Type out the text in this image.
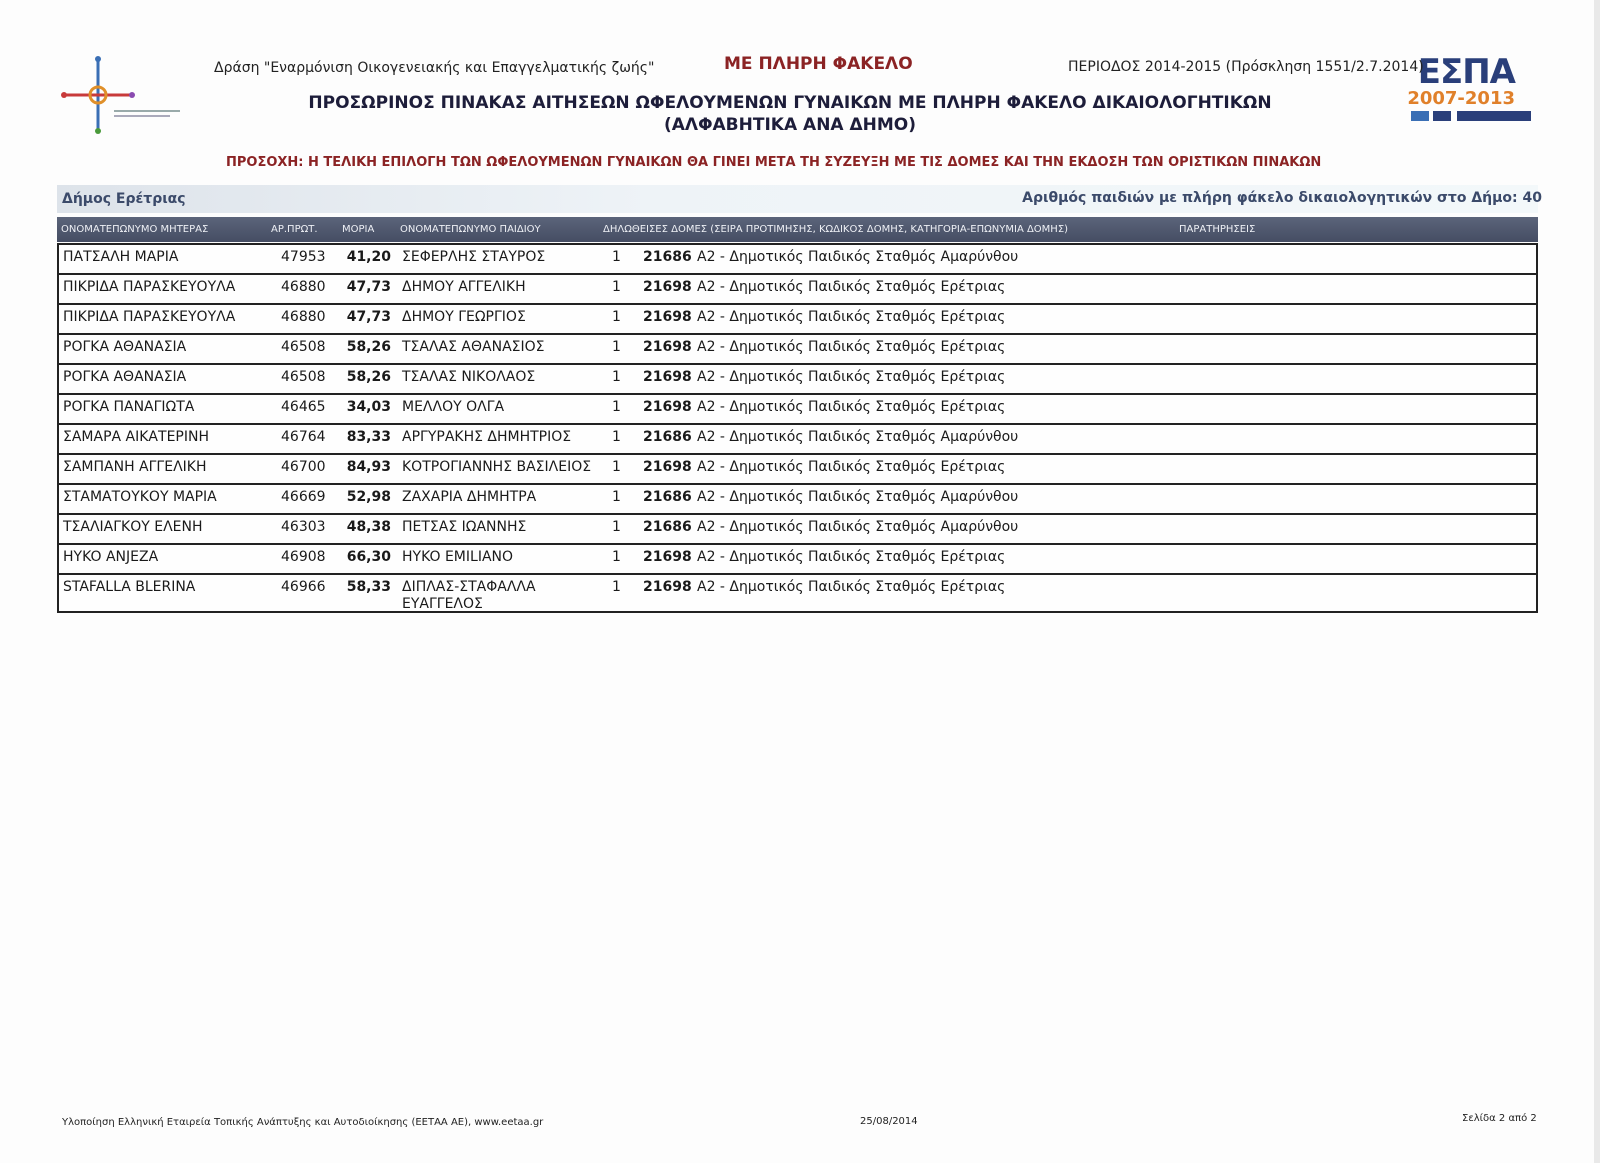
ΕΣΠΑ
2007-2013
Δράση "Εναρμόνιση Οικογενειακής και Επαγγελματικής ζωής"	ΜΕ ΠΛΗΡΗ ΦΑΚΕΛΟ	ΠΕΡΙΟΔΟΣ 2014-2015 (Πρόσκληση 1551/2.7.2014)
ΠΡΟΣΩΡΙΝΟΣ ΠΙΝΑΚΑΣ ΑΙΤΗΣΕΩΝ ΩΦΕΛΟΥΜΕΝΩΝ ΓΥΝΑΙΚΩΝ ΜΕ ΠΛΗΡΗ ΦΑΚΕΛΟ ΔΙΚΑΙΟΛΟΓΗΤΙΚΩΝ
(ΑΛΦΑΒΗΤΙΚΑ ΑΝΑ ΔΗΜΟ)
ΠΡΟΣΟΧΗ: Η ΤΕΛΙΚΗ ΕΠΙΛΟΓΗ ΤΩΝ ΩΦΕΛΟΥΜΕΝΩΝ ΓΥΝΑΙΚΩΝ ΘΑ ΓΙΝΕΙ ΜΕΤΑ ΤΗ ΣΥΖΕΥΞΗ ΜΕ ΤΙΣ ΔΟΜΕΣ ΚΑΙ ΤΗΝ ΕΚΔΟΣΗ ΤΩΝ ΟΡΙΣΤΙΚΩΝ ΠΙΝΑΚΩΝ
Δήμος Ερέτριας	Αριθμός παιδιών με πλήρη φάκελο δικαιολογητικών στο Δήμο: 40
ΟΝΟΜΑΤΕΠΩΝΥΜΟ ΜΗΤΕΡΑΣ	ΑΡ.ΠΡΩΤ. ΜΟΡΙΑ	ΟΝΟΜΑΤΕΠΩΝΥΜΟ ΠΑΙΔΙΟΥ	ΔΗΛΩΘΕΙΣΕΣ ΔΟΜΕΣ (ΣΕΙΡΑ ΠΡΟΤΙΜΗΣΗΣ, ΚΩΔΙΚΟΣ ΔΟΜΗΣ, ΚΑΤΗΓΟΡΙΑ-ΕΠΩΝΥΜΙΑ ΔΟΜΗΣ)	ΠΑΡΑΤΗΡΗΣΕΙΣ
ΠΑΤΣΑΛΗ ΜΑΡΙΑ	47953 41,20 ΣΕΦΕΡΛΗΣ ΣΤΑΥΡΟΣ	1 21686 Α2 - Δημοτικός Παιδικός Σταθμός Αμαρύνθου
ΠΙΚΡΙΔΑ ΠΑΡΑΣΚΕΥΟΥΛΑ	46880 47,73 ΔΗΜΟΥ ΑΓΓΕΛΙΚΗ	1 21698 Α2 - Δημοτικός Παιδικός Σταθμός Ερέτριας
ΠΙΚΡΙΔΑ ΠΑΡΑΣΚΕΥΟΥΛΑ	46880 47,73 ΔΗΜΟΥ ΓΕΩΡΓΙΟΣ	1 21698 Α2 - Δημοτικός Παιδικός Σταθμός Ερέτριας
ΡΟΓΚΑ ΑΘΑΝΑΣΙΑ	46508 58,26 ΤΣΑΛΑΣ ΑΘΑΝΑΣΙΟΣ	1 21698 Α2 - Δημοτικός Παιδικός Σταθμός Ερέτριας
ΡΟΓΚΑ ΑΘΑΝΑΣΙΑ	46508 58,26 ΤΣΑΛΑΣ ΝΙΚΟΛΑΟΣ	1 21698 Α2 - Δημοτικός Παιδικός Σταθμός Ερέτριας
ΡΟΓΚΑ ΠΑΝΑΓΙΩΤΑ	46465 34,03 ΜΕΛΛΟΥ ΟΛΓΑ	1 21698 Α2 - Δημοτικός Παιδικός Σταθμός Ερέτριας
ΣΑΜΑΡΑ ΑΙΚΑΤΕΡΙΝΗ	46764 83,33 ΑΡΓΥΡΑΚΗΣ ΔΗΜΗΤΡΙΟΣ	1 21686 Α2 - Δημοτικός Παιδικός Σταθμός Αμαρύνθου
ΣΑΜΠΑΝΗ ΑΓΓΕΛΙΚΗ	46700 84,93 ΚΟΤΡΟΓΙΑΝΝΗΣ ΒΑΣΙΛΕΙΟΣ 1 21698 Α2 - Δημοτικός Παιδικός Σταθμός Ερέτριας
ΣΤΑΜΑΤΟΥΚΟΥ ΜΑΡΙΑ	46669 52,98 ΖΑΧΑΡΙΑ ΔΗΜΗΤΡΑ	1 21686 Α2 - Δημοτικός Παιδικός Σταθμός Αμαρύνθου
ΤΣΑΛΙΑΓΚΟΥ ΕΛΕΝΗ	46303 48,38 ΠΕΤΣΑΣ ΙΩΑΝΝΗΣ	1 21686 Α2 - Δημοτικός Παιδικός Σταθμός Αμαρύνθου
HYKO ANJEZA	46908 66,30 HYKO EMILIANO	1 21698 Α2 - Δημοτικός Παιδικός Σταθμός Ερέτριας
STAFALLA BLERINA	46966 58,33 ΔΙΠΛΑΣ-ΣΤΑΦΑΛΛΑ
ΕΥΑΓΓΕΛΟΣ
1 21698 Α2 - Δημοτικός Παιδικός Σταθμός Ερέτριας
Υλοποίηση Ελληνική Εταιρεία Τοπικής Ανάπτυξης και Αυτοδιοίκησης (ΕΕΤΑΑ ΑΕ), www.eetaa.gr	25/08/2014	Σελίδα 2 από 2
